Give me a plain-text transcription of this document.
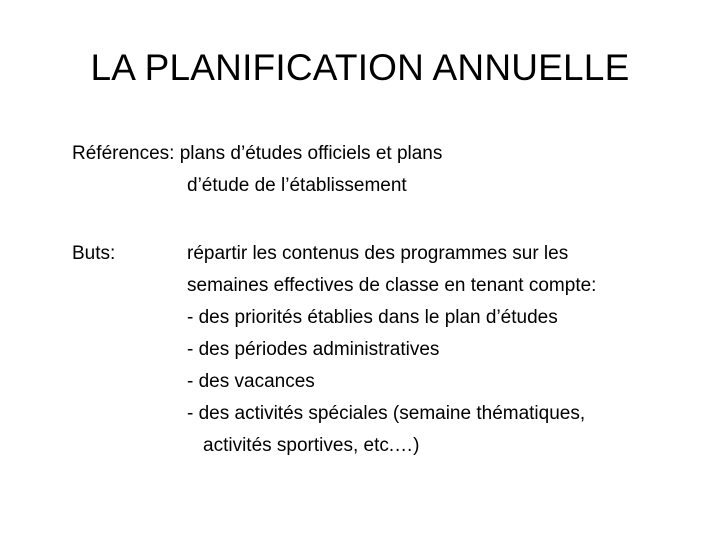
LA PLANIFICATION ANNUELLE
Références: plans d’études officiels et plans
d’étude de l’établissement
Buts:	répartir les contenus des programmes sur les
semaines effectives de classe en tenant compte:
- des priorités établies dans le plan d’études
- des périodes administratives
- des vacances
- des activités spéciales (semaine thématiques,
activités sportives, etc.…)
